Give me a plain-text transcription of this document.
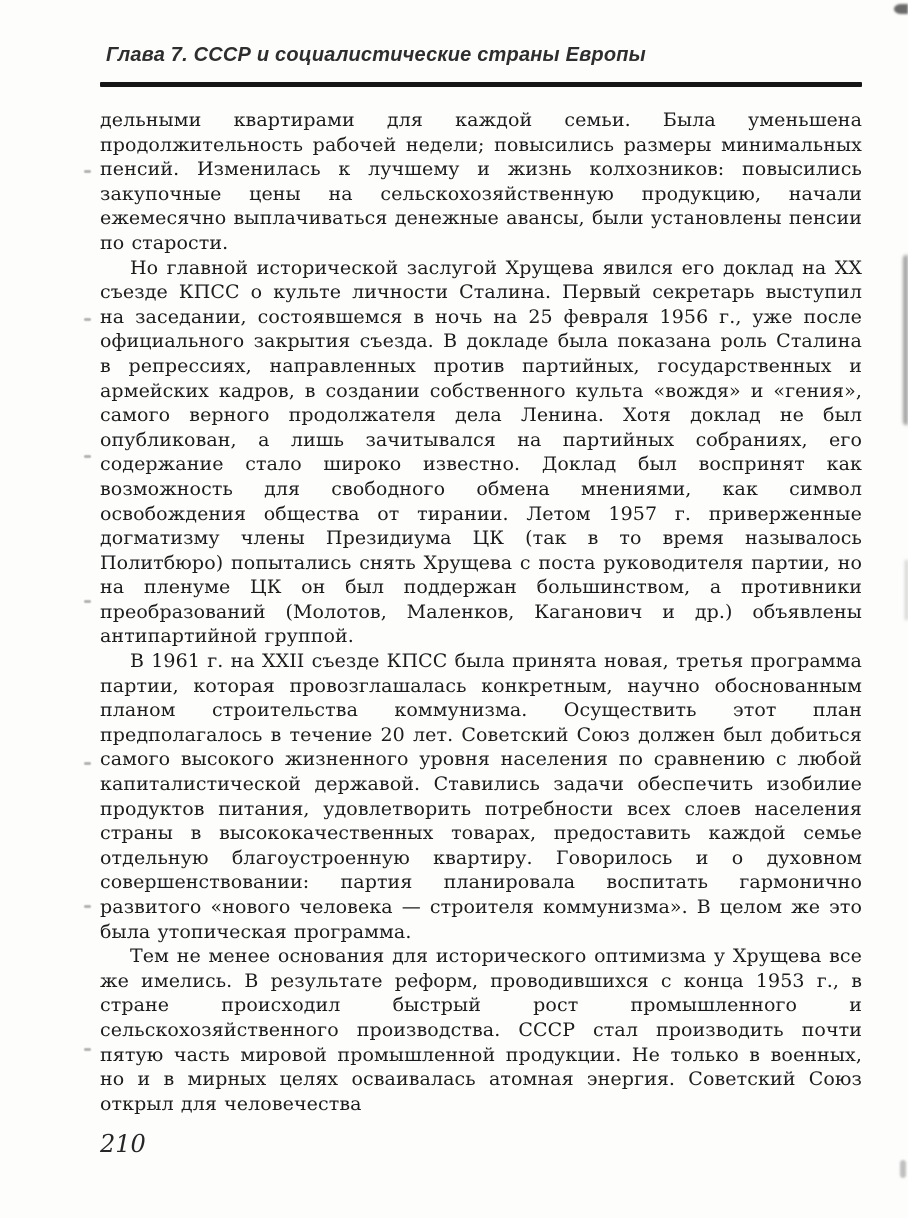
Глава 7. СССР и социалистические страны Европы

дельными квартирами для каждой семьи. Была уменьшена продолжительность рабочей недели; повысились размеры минимальных пенсий. Изменилась к лучшему и жизнь колхозников: повысились закупочные цены на сельскохозяйственную продукцию, начали ежемесячно выплачиваться денежные авансы, были установлены пенсии по старости.

Но главной исторической заслугой Хрущева явился его доклад на XX съезде КПСС о культе личности Сталина. Первый секретарь выступил на заседании, состоявшемся в ночь на 25 февраля 1956 г., уже после официального закрытия съезда. В докладе была показана роль Сталина в репрессиях, направленных против партийных, государственных и армейских кадров, в создании собственного культа «вождя» и «гения», самого верного продолжателя дела Ленина. Хотя доклад не был опубликован, а лишь зачитывался на партийных собраниях, его содержание стало широко известно. Доклад был воспринят как возможность для свободного обмена мнениями, как символ освобождения общества от тирании. Летом 1957 г. приверженные догматизму члены Президиума ЦК (так в то время называлось Политбюро) попытались снять Хрущева с поста руководителя партии, но на пленуме ЦК он был поддержан большинством, а противники преобразований (Молотов, Маленков, Каганович и др.) объявлены антипартийной группой.

В 1961 г. на XXII съезде КПСС была принята новая, третья программа партии, которая провозглашалась конкретным, научно обоснованным планом строительства коммунизма. Осуществить этот план предполагалось в течение 20 лет. Советский Союз должен был добиться самого высокого жизненного уровня населения по сравнению с любой капиталистической державой. Ставились задачи обеспечить изобилие продуктов питания, удовлетворить потребности всех слоев населения страны в высококачественных товарах, предоставить каждой семье отдельную благоустроенную квартиру. Говорилось и о духовном совершенствовании: партия планировала воспитать гармонично развитого «нового человека — строителя коммунизма». В целом же это была утопическая программа.

Тем не менее основания для исторического оптимизма у Хрущева все же имелись. В результате реформ, проводившихся с конца 1953 г., в стране происходил быстрый рост промышленного и сельскохозяйственного производства. СССР стал производить почти пятую часть мировой промышленной продукции. Не только в военных, но и в мирных целях осваивалась атомная энергия. Советский Союз открыл для человечества

210
